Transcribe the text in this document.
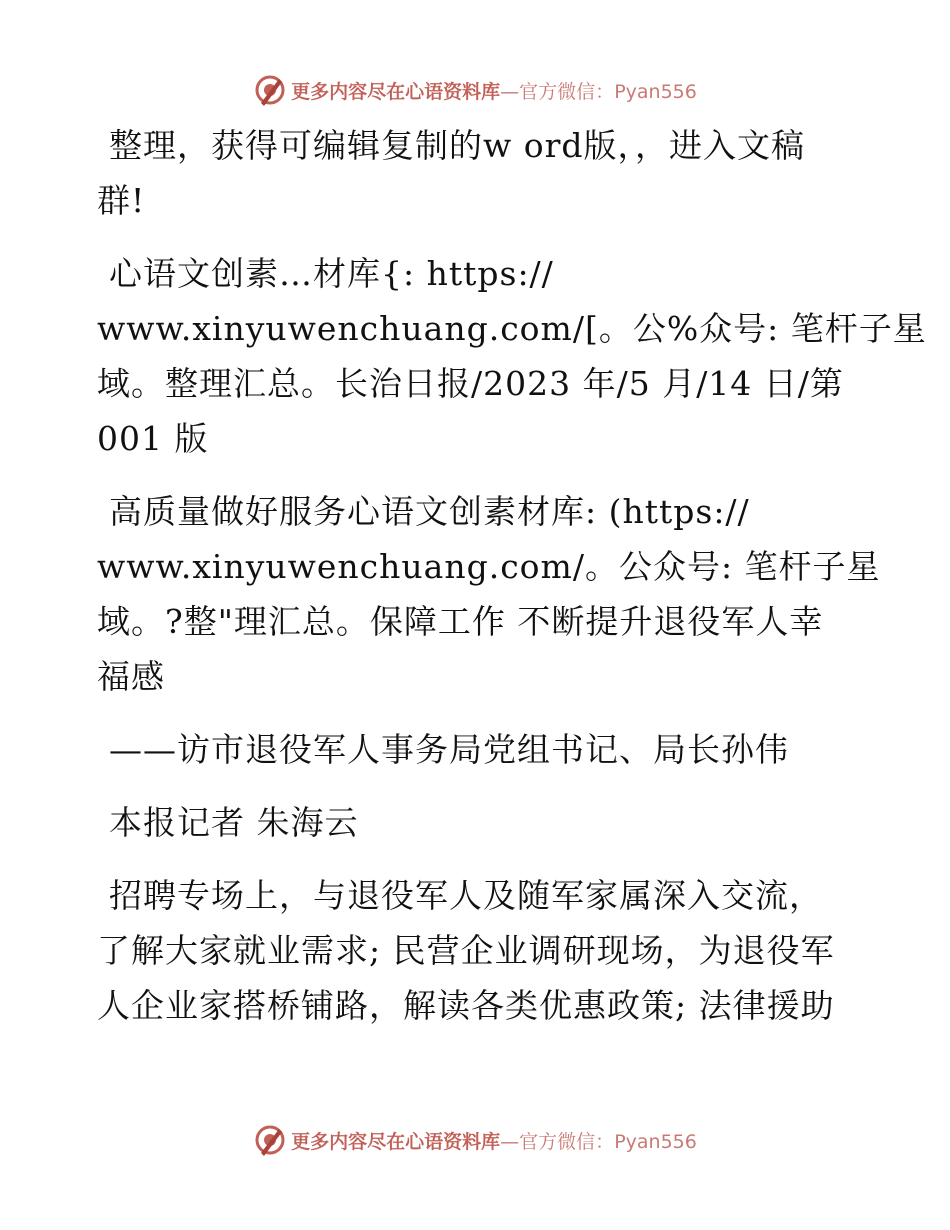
更多内容尽在心语资料库—官方微信：Pyan556
整理，获得可编辑复制的w ord版，，进入文稿
群!
心语文创素…材库{: https://
www.xinyuwenchuang.com/[。公%众号: 笔杆子星
域。整理汇总。长治日报/2023 年/5 月/14 日/第
001 版
高质量做好服务心语文创素材库: (https://
www.xinyuwenchuang.com/。公众号: 笔杆子星
域。?整"理汇总。保障工作 不断提升退役军人幸
福感
——访市退役军人事务局党组书记、局长孙伟
本报记者 朱海云
招聘专场上，与退役军人及随军家属深入交流，
了解大家就业需求; 民营企业调研现场，为退役军
人企业家搭桥铺路，解读各类优惠政策; 法律援助
更多内容尽在心语资料库—官方微信：Pyan556
